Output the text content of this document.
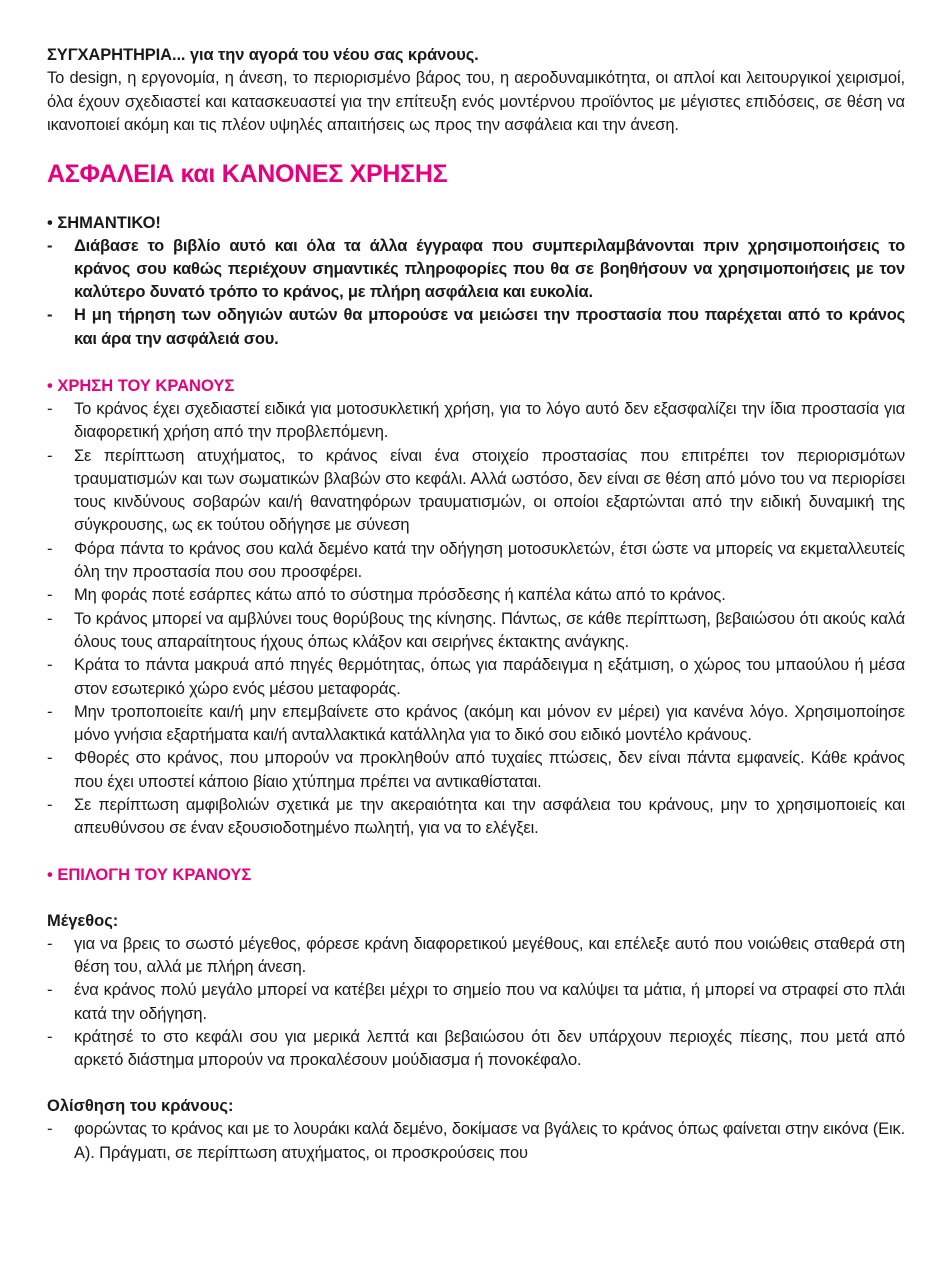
ΣΥΓΧΑΡΗΤΗΡΙΑ... για την αγορά του νέου σας κράνους.

Το design, η εργονομία, η άνεση, το περιορισμένο βάρος του, η αεροδυναμικότητα, οι απλοί και λειτουργικοί χειρισμοί, όλα έχουν σχεδιαστεί και κατασκευαστεί για την επίτευξη ενός μοντέρνου προϊόντος με μέγιστες επιδόσεις, σε θέση να ικανοποιεί ακόμη και τις πλέον υψηλές απαιτήσεις ως προς την ασφάλεια και την άνεση.

ΑΣΦΑΛΕΙΑ και ΚΑΝΟΝΕΣ ΧΡΗΣΗΣ

• ΣΗΜΑΝΤΙΚΟ!

- Διάβασε το βιβλίο αυτό και όλα τα άλλα έγγραφα που συμπεριλαμβάνονται πριν χρησιμοποιήσεις το κράνος σου καθώς περιέχουν σημαντικές πληροφορίες που θα σε βοηθήσουν να χρησιμοποιήσεις με τον καλύτερο δυνατό τρόπο το κράνος, με πλήρη ασφάλεια και ευκολία.
- Η μη τήρηση των οδηγιών αυτών θα μπορούσε να μειώσει την προστασία που παρέχεται από το κράνος και άρα την ασφάλειά σου.

• ΧΡΗΣΗ ΤΟΥ ΚΡΑΝΟΥΣ

- Το κράνος έχει σχεδιαστεί ειδικά για μοτοσυκλετική χρήση, για το λόγο αυτό δεν εξασφαλίζει την ίδια προστασία για διαφορετική χρήση από την προβλεπόμενη.
- Σε περίπτωση ατυχήματος, το κράνος είναι ένα στοιχείο προστασίας που επιτρέπει τον περιορισμότων τραυματισμών και των σωματικών βλαβών στο κεφάλι. Αλλά ωστόσο, δεν είναι σε θέση από μόνο του να περιορίσει τους κινδύνους σοβαρών και/ή θανατηφόρων τραυματισμών, οι οποίοι εξαρτώνται από την ειδική δυναμική της σύγκρουσης, ως εκ τούτου οδήγησε με σύνεση
- Φόρα πάντα το κράνος σου καλά δεμένο κατά την οδήγηση μοτοσυκλετών, έτσι ώστε να μπορείς να εκμεταλλευτείς όλη την προστασία που σου προσφέρει.
- Μη φοράς ποτέ εσάρπες κάτω από το σύστημα πρόσδεσης ή καπέλα κάτω από το κράνος.
- Το κράνος μπορεί να αμβλύνει τους θορύβους της κίνησης. Πάντως, σε κάθε περίπτωση, βεβαιώσου ότι ακούς καλά όλους τους απαραίτητους ήχους όπως κλάξον και σειρήνες έκτακτης ανάγκης.
- Κράτα το πάντα μακρυά από πηγές θερμότητας, όπως για παράδειγμα η εξάτμιση, ο χώρος του μπαούλου ή μέσα στον εσωτερικό χώρο ενός μέσου μεταφοράς.
- Μην τροποποιείτε και/ή μην επεμβαίνετε στο κράνος (ακόμη και μόνον εν μέρει) για κανένα λόγο. Χρησιμοποίησε μόνο γνήσια εξαρτήματα και/ή ανταλλακτικά κατάλληλα για το δικό σου ειδικό μοντέλο κράνους.
- Φθορές στο κράνος, που μπορούν να προκληθούν από τυχαίες πτώσεις, δεν είναι πάντα εμφανείς. Κάθε κράνος που έχει υποστεί κάποιο βίαιο χτύπημα πρέπει να αντικαθίσταται.
- Σε περίπτωση αμφιβολιών σχετικά με την ακεραιότητα και την ασφάλεια του κράνους, μην το χρησιμοποιείς και απευθύνσου σε έναν εξουσιοδοτημένο πωλητή, για να το ελέγξει.

• ΕΠΙΛΟΓΗ ΤΟΥ ΚΡΑΝΟΥΣ

Μέγεθος:

- για να βρεις το σωστό μέγεθος, φόρεσε κράνη διαφορετικού μεγέθους, και επέλεξε αυτό που νοιώθεις σταθερά στη θέση του, αλλά με πλήρη άνεση.
- ένα κράνος πολύ μεγάλο μπορεί να κατέβει μέχρι το σημείο που να καλύψει τα μάτια, ή μπορεί να στραφεί στο πλάι κατά την οδήγηση.
- κράτησέ το στο κεφάλι σου για μερικά λεπτά και βεβαιώσου ότι δεν υπάρχουν περιοχές πίεσης, που μετά από αρκετό διάστημα μπορούν να προκαλέσουν μούδιασμα ή πονοκέφαλο.

Ολίσθηση του κράνους:

- φορώντας το κράνος και με το λουράκι καλά δεμένο, δοκίμασε να βγάλεις το κράνος όπως φαίνεται στην εικόνα (Εικ. A). Πράγματι, σε περίπτωση ατυχήματος, οι προσκρούσεις που
